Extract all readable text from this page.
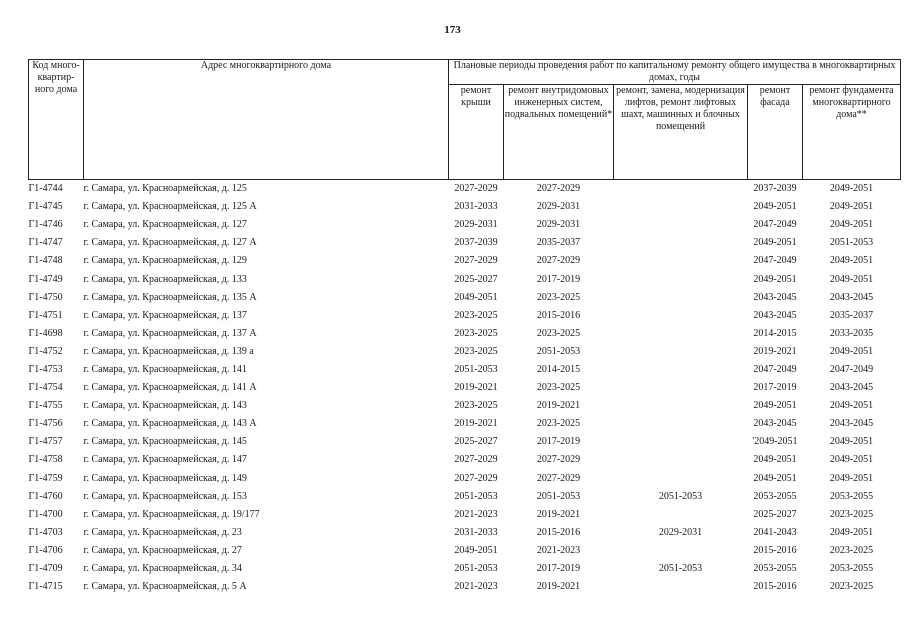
173
Код много-квартир-ного дома	Адрес многоквартирного дома	Плановые периоды проведения работ по капитальному ремонту общего имущества в многоквартирных домах, годы				
		ремонт крыши	ремонт внутридомовых инженерных систем, подвальных помещений*	ремонт, замена, модернизация лифтов, ремонт лифтовых шахт, машинных и блочных помещений	ремонт фасада	ремонт фундамента многоквартирного дома**
Г1-4744	г. Самара, ул. Красноармейская, д. 125	2027-2029	2027-2029		2037-2039	2049-2051
Г1-4745	г. Самара, ул. Красноармейская, д. 125 А	2031-2033	2029-2031		2049-2051	2049-2051
Г1-4746	г. Самара, ул. Красноармейская, д. 127	2029-2031	2029-2031		2047-2049	2049-2051
Г1-4747	г. Самара, ул. Красноармейская, д. 127 А	2037-2039	2035-2037		2049-2051	2051-2053
Г1-4748	г. Самара, ул. Красноармейская, д. 129	2027-2029	2027-2029		2047-2049	2049-2051
Г1-4749	г. Самара, ул. Красноармейская, д. 133	2025-2027	2017-2019		2049-2051	2049-2051
Г1-4750	г. Самара, ул. Красноармейская, д. 135 А	2049-2051	2023-2025		2043-2045	2043-2045
Г1-4751	г. Самара, ул. Красноармейская, д. 137	2023-2025	2015-2016		2043-2045	2035-2037
Г1-4698	г. Самара, ул. Красноармейская, д. 137 А	2023-2025	2023-2025		2014-2015	2033-2035
Г1-4752	г. Самара, ул. Красноармейская, д. 139 а	2023-2025	2051-2053		2019-2021	2049-2051
Г1-4753	г. Самара, ул. Красноармейская, д. 141	2051-2053	2014-2015		2047-2049	2047-2049
Г1-4754	г. Самара, ул. Красноармейская, д. 141 А	2019-2021	2023-2025		2017-2019	2043-2045
Г1-4755	г. Самара, ул. Красноармейская, д. 143	2023-2025	2019-2021		2049-2051	2049-2051
Г1-4756	г. Самара, ул. Красноармейская, д. 143 А	2019-2021	2023-2025		2043-2045	2043-2045
Г1-4757	г. Самара, ул. Красноармейская, д. 145	2025-2027	2017-2019		'2049-2051	2049-2051
Г1-4758	г. Самара, ул. Красноармейская, д. 147	2027-2029	2027-2029		2049-2051	2049-2051
Г1-4759	г. Самара, ул. Красноармейская, д. 149	2027-2029	2027-2029		2049-2051	2049-2051
Г1-4760	г. Самара, ул. Красноармейская, д. 153	2051-2053	2051-2053	2051-2053	2053-2055	2053-2055
Г1-4700	г. Самара, ул. Красноармейская, д. 19/177	2021-2023	2019-2021		2025-2027	2023-2025
Г1-4703	г. Самара, ул. Красноармейская, д. 23	2031-2033	2015-2016	2029-2031	2041-2043	2049-2051
Г1-4706	г. Самара, ул. Красноармейская, д. 27	2049-2051	2021-2023		2015-2016	2023-2025
Г1-4709	г. Самара, ул. Красноармейская, д. 34	2051-2053	2017-2019	2051-2053	2053-2055	2053-2055
Г1-4715	г. Самара, ул. Красноармейская, д. 5 А	2021-2023	2019-2021		2015-2016	2023-2025
